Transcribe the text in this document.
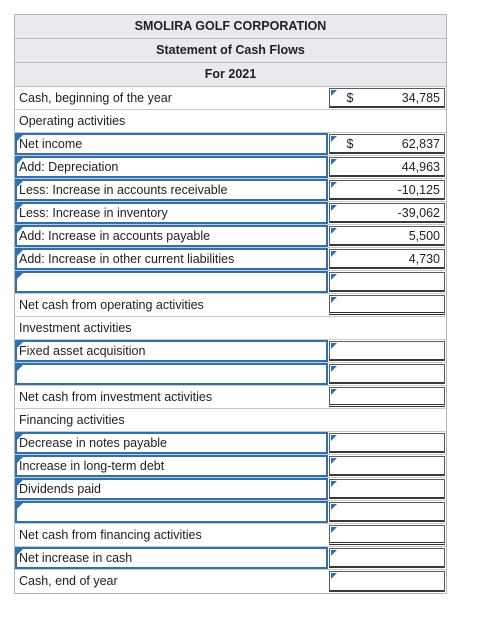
SMOLIRA GOLF CORPORATION
Statement of Cash Flows
For 2021
Cash, beginning of the year	$	34,785
Operating activities
Net income	$	62,837
Add: Depreciation	44,963
Less: Increase in accounts receivable	-10,125
Less: Increase in inventory	-39,062
Add: Increase in accounts payable	5,500
Add: Increase in other current liabilities	4,730
Net cash from operating activities
Investment activities
Fixed asset acquisition
Net cash from investment activities
Financing activities
Decrease in notes payable
Increase in long-term debt
Dividends paid
Net cash from financing activities
Net increase in cash
Cash, end of year
